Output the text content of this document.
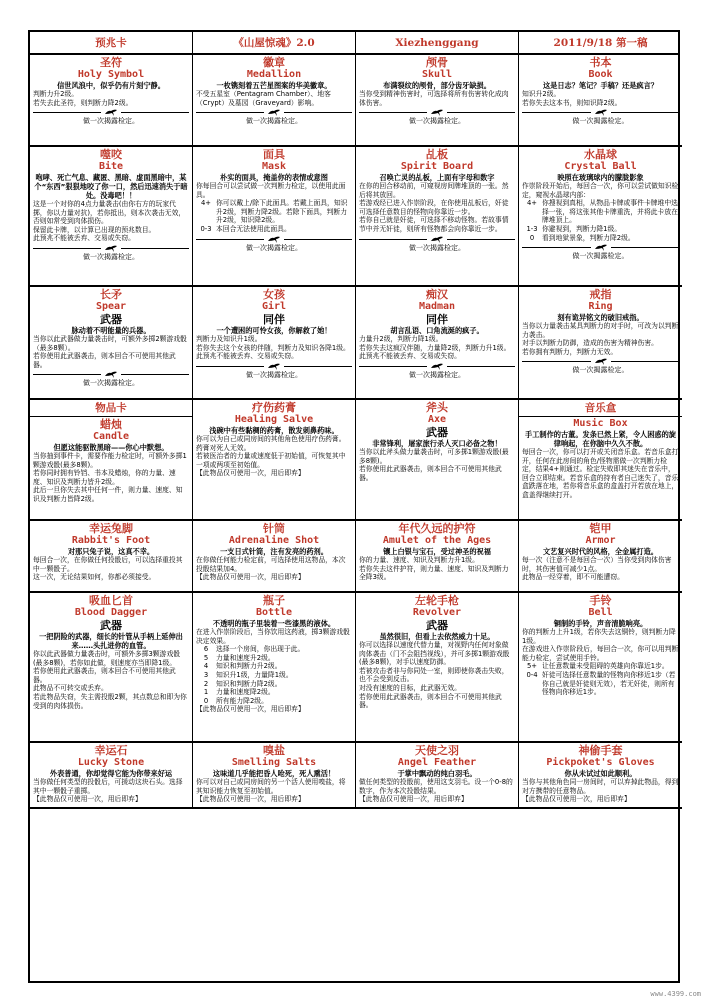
预兆卡	《山屋惊魂》2.0	Xiezhenggang	2011/9/18 第一稿
圣符
Holy Symbol
信世风浪中，似乎仍有片刻宁静。
判断力升2级。
若失去此圣符，则判断力降2级。
做一次揭露检定。
徽章
Medallion
一枚镌刻着五芒星图案的华美徽章。
不受五星室（Pentagram Chamber）、地客（Crypt）及墓园（Graveyard）影响。
做一次揭露检定。
颅骨
Skull
布满裂纹的颅骨，部分齿牙缺损。
当你受到精神伤害时，可选择将所有伤害转化成肉体伤害。
做一次揭露检定。
书本
Book
这是日志？笔记？手稿？还是疯言？
知识升2级。
若你失去这本书，则知识降2级。
做一次揭露检定。
噬咬
Bite
咆哮、死亡气息、藏匿、黑暗、虚面黑暗中，某个“东西”狠狠地咬了你一口，然后迅速消失于暗处。没毒吧！！
这是一个对你的4点力量袭击(由你右方的玩家代掷，你以力量对抗)，若你抵出，则本次袭击无效，否则如常受到肉体损伤。
保留此卡牌，以计算已出现的预兆数目。
此预兆不能被丢弃、交易或失窃。
做一次揭露检定。
面具
Mask
朴实的面具，掩盖你的表情或意图
你每回合可以尝试做一次判断力检定，以使用此面具。
4+ 你可以戴上/除下此面具。若戴上面具，知识升2级，判断力降2级。若除下面具，判断力升2级，知识降2级。
0-3 本回合无法使用此面具。
做一次揭露检定。
乩板
Spirit Board
召唤亡灵的乩板，上面有字母和数字
在你的回合移动前，可窥视房间牌堆顶的一张。然后将其放回。
若游戏经已进入作崇阶段，在你使用乩板后，奸徒可选择任意数目的怪物向你靠近一步。
若你自己就是奸徒，可选择不移动怪物。若故事情节中并无奸徒，则所有怪物都会向你靠近一步。
做一次揭露检定。
水晶球
Crystal Ball
映照在玻璃球内的朦胧影象
作崇阶段开始后，每回合一次，你可以尝试做知识检定，窥视水晶球内部：
4+ 你搜视到真相，从物品卡牌或事件卡牌堆中选择一张，将这张其他卡牌重洗，并将此卡放在牌堆顶上。
1-3 你避视到，判断力降1级。
0	看到地狱景象，判断力降2级。
做一次揭露检定。
长矛
Spear
武器
脉动着不明能量的兵器。
当你以此武器做力量袭击时，可额外多掷2颗游戏骰（最多8颗）。
若你使用此武器袭击，则本回合不可使用其他武器。
做一次揭露检定。
女孩
Girl
同伴
一个遭困的可怜女孩，你解救了她！
判断力及知识升1级。
若你失去这个女孩的伴随，判断力及知识各降1级。
此预兆不能被丢弃、交易或失窃。
做一次揭露检定。
痴汉
Madman
同伴
胡言乱语、口角流涎的疯子。
力量升2级，判断力降1级。
若你失去这疯汉伴随，力量降2级，判断力升1级。
此预兆不能被丢弃、交易或失窃。
做一次揭露检定。
戒指
Ring
刻有诡异铭文的破旧戒指。
当你以力量袭击某具判断力的对手时，可改为以判断力袭击。
对手以判断力防御，造成的伤害为精神伤害。
若你拥有判断力，判断力无效。
做一次揭露检定。
物品卡
蜡烛
Candle
但愿这能驱散黑暗——你心中默想。
当你抽到事件卡，需要作能力检定时，可额外多掷1颗游戏骰(最多8颗)。
若你同时拥有铃铛、书本及蜡烛，你的力量、速度、知识及判断力皆升2级。
此后一旦你失去其中任何一件，则力量、速度、知识及判断力皆降2级。
疗伤药膏
Healing Salve
浅碗中有些黏稠的药膏，散发刺鼻药味。
你可以为自己或同房间的其他角色使用疗伤药膏。
药膏对死人无效。
若被医治者的力量或速度低于初始值，可恢复其中一项或两项至初始值。
【此物品仅可使用一次，用后即弃】
斧头
Axe
武器
非常锋利，屠家旅行杀人灭口必备之物！
当你以此斧头做力量袭击时，可多掷1颗游戏骰(最多8颗)。
若你使用此武器袭击，则本回合不可使用其他武器。
音乐盒
Music Box
手工制作的古董。发条已然上紧，令人困惑的旋律响起，在你脑中久久不散。
每回合一次，你可以打开或关闭音乐盒。若音乐盒打开，任何在此房间的角色/怪物需做一次判断力检定，结果4+则通过。检定失败即其迷失在音乐中，回合立即结束。若音乐盒的持有者自己迷失了，音乐盒跌落在地，若你将音乐盒的盒盖打开若放在地上，盒盖得继续打开。
幸运兔脚
Rabbit's Foot
对那只兔子说，这真不幸。
每回合一次，在你做任何投骰后，可以选择重投其中一颗骰子。
这一次，无论结果如何，你都必须接受。
针筒
Adrenaline Shot
一支日式针筒，注有发亮的药剂。
在你做任何能力检定前，可选择使用这物品，本次投骰结果加4。
【此物品仅可使用一次，用后即弃】
年代久远的护符
Amulet of the Ages
镶上白银与宝石，受过神圣的祝福
你的力量、速度、知识及判断力升1级。
若你失去这件护符，则力量、速度、知识及判断力全降3级。
铠甲
Armor
文艺复兴时代的风格，全金属打造。
每一次（注意不是每回合一次）当你受到肉体伤害时，其伤害值可减少1点。
此物品一经穿着，即不可能遭窃。
吸血匕首
Blood Dagger
武器
一把阴险的武器，细长的针管从手柄上延伸出来……头扎进你的血管。
你以此武器做力量袭击时，可额外多掷3颗游戏骰(最多8颗)，若你如此做，则速度亦当即降1级。
若你使用此武器袭击，则本回合不可使用其他武器。
此物品不可转交或丢弃。
若此物品失窃，失主需投骰2颗，其点数总和即为你受到的肉体损伤。
瓶子
Bottle
不透明的瓶子里装着一些漆黑的液体。
在进入作崇阶段后，当你饮用这药液，掷3颗游戏骰决定效果。
6	选择一个房间，你出现于此。
5	力量和速度升2级。
4	知识和判断力升2级。
3	知识升1级，力量降1级。
2	知识和判断力降2级。
1	力量和速度降2级。
0	所有能力降2级。
【此物品仅可使用一次，用后即弃】
左轮手枪
Revolver
武器
虽然很旧，但看上去依然威力十足。
你可以选择以速度代替力量，对视野内任何对象做肉体袭击（门不会阻挡视线），并可多掷1颗游戏骰(最多8颗)，对手以速度防御。
若被攻击者非与你同处一室，则即使你袭击失败，也不会受到反击。
对没有速度的目标，此武器无效。
若你使用此武器袭击，则本回合不可使用其他武器。
手铃
Bell
铜制的手铃，声音清脆响亮。
你的判断力上升1级，若你失去这铜铃，则判断力降1级。
在游戏进入作崇阶段后，每回合一次，你可以用判断能力检定，尝试使用手铃。
5+ 让任意数量未受阻碍的英雄向你靠近1步。
0-4 奸徒可选择任意数量的怪物向你移近1步（若你自己就是奸徒则无效），若无奸徒，则所有怪物向你移近1步。
幸运石
Lucky Stone
外表普通，你却觉得它能为你带来好运
当你做任何类型的投骰后，可援动这块石头。选择其中一颗骰子重掷。
【此物品仅可使用一次，用后即弃】
嗅盐
Smelling Salts
这味道几乎能把昏人呛死，死人熏活！
你可以对自己或同房间的另一个活人使用嗅盐，将其知识能力恢复至初始值。
【此物品仅可使用一次，用后即弃】
天使之羽
Angel Feather
于掌中飘动的纯白羽毛。
做任何类型的投骰前，使用这支羽毛。设一个0-8的数字，作为本次投骰结果。
【此物品仅可使用一次，用后即弃】
神偷手套
Pickpoket's Gloves
你从未试过如此顺利。
当你与其他角色同一房间时，可以弃掉此物品，得到对方携带的任意物品。
【此物品仅可使用一次，用后即弃】
www.4399.com
